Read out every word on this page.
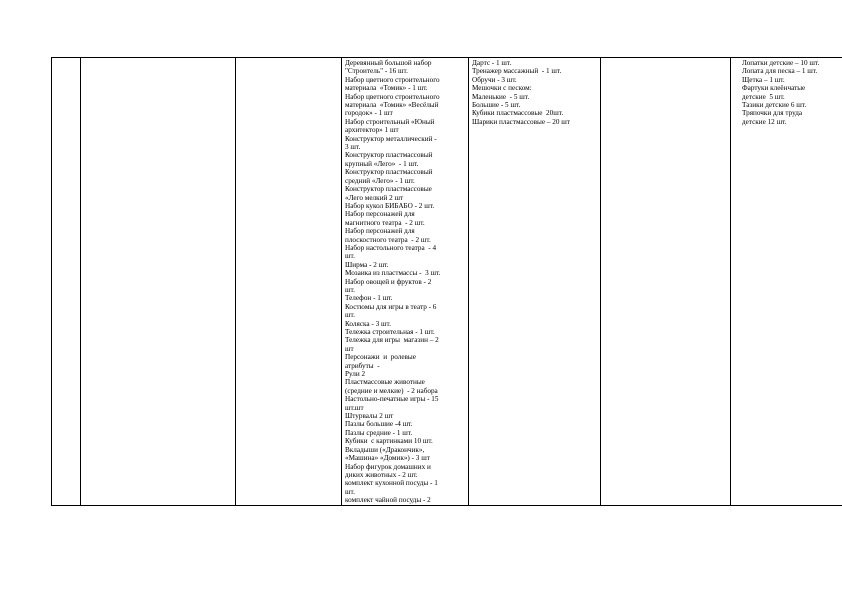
Деревянный большой набор
"Строитель" - 16 шт.
Набор цветного строительного
материала  «Томик» - 1 шт.
Набор цветного строительного
материала  «Томик» «Весёлый
городок» - 1 шт
Набор строительный «Юный
архитектор» 1 шт
Конструктор металлический -
3 шт.
Конструктор пластмассовый
крупный «Лего»  - 1 шт.
Конструктор пластмассовый
средний «Лего» - 1 шт.
Конструктор пластмассовые
«Лего мелкий 2 шт
Набор кукол БИБАБО - 2 шт.
Набор персонажей для
магнитного театра  - 2 шт.
Набор персонажей для
плоскостного театра  - 2 шт.
Набор настольного театра  - 4
шт.
Ширма - 2 шт.
Мозаика из пластмассы -  3 шт.
Набор овощей и фруктов - 2
шт.
Телефон - 1 шт.
Костюмы для игры в театр - 6
шт.
Коляска - 3 шт.
Тележка строительная - 1 шт.
Тележка для игры  магазин – 2
шт
Персонажи  и  ролевые
атрибуты  -
Рули 2
Пластмассовые животные
(средние и мелкие)  - 2 набора
Настольно-печатные игры - 15
шт.шт
Штурвалы 2 шт
Пазлы большие -4 шт.
Пазлы средние - 1 шт.
Кубики  с картинками 10 шт.
Вкладыши («Дракончик»,
«Машина» «Домик») - 3 шт
Набор фигурок домашних и
диких животных - 2 шт.
комплект кухонной посуды - 1
шт.
комплект чайной посуды - 2

Дартс - 1 шт.
Тренажер массажный  - 1 шт.
Обручи - 3 шт.
Мешочки с песком:
Маленькие  - 5 шт.
Большие - 5 шт.
Кубики пластмассовые  20шт.
Шарики пластмассовые – 20 шт

Лопатки детские – 10 шт.
Лопата для песка – 1 шт.
Щетка – 1 шт.
Фартуки клеёнчатые
детские  5 шт.
Тазики детские 6 шт.
Тряпочки для труда
детские 12 шт.
